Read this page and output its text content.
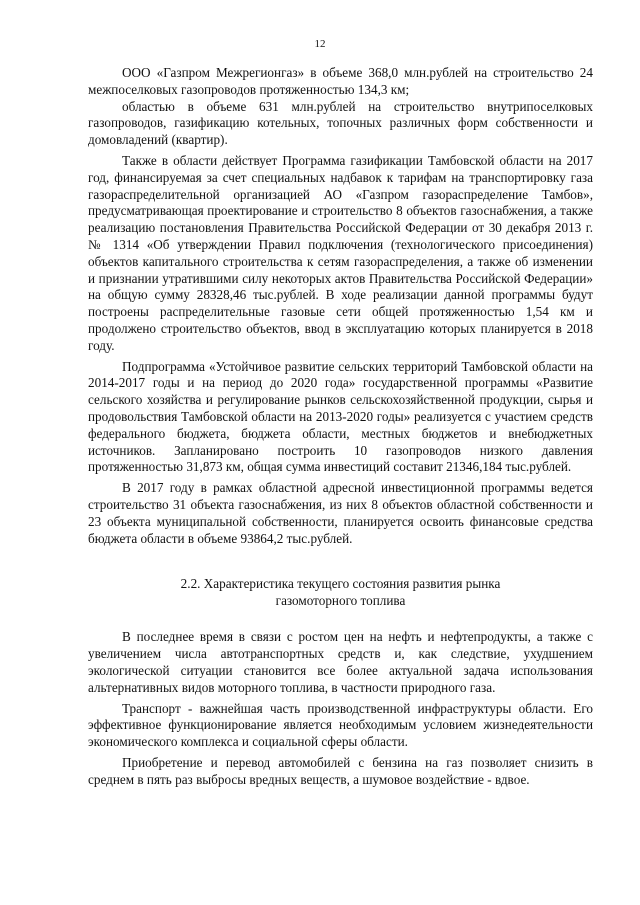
12

ООО «Газпром Межрегионгаз» в объеме 368,0 млн.рублей на строительство 24 межпоселковых газопроводов протяженностью 134,3 км;

областью в объеме 631 млн.рублей на строительство внутрипоселковых газопроводов, газификацию котельных, топочных различных форм собственности и домовладений (квартир).

Также в области действует Программа газификации Тамбовской области на 2017 год, финансируемая за счет специальных надбавок к тарифам на транспортировку газа газораспределительной организацией АО «Газпром газораспределение Тамбов», предусматривающая проектирование и строительство 8 объектов газоснабжения, а также реализацию постановления Правительства Российской Федерации от 30 декабря 2013 г. № 1314 «Об утверждении Правил подключения (технологического присоединения) объектов капитального строительства к сетям газораспределения, а также об изменении и признании утратившими силу некоторых актов Правительства Российской Федерации» на общую сумму 28328,46 тыс.рублей. В ходе реализации данной программы будут построены распределительные газовые сети общей протяженностью 1,54 км и продолжено строительство объектов, ввод в эксплуатацию которых планируется в 2018 году.

Подпрограмма «Устойчивое развитие сельских территорий Тамбовской области на 2014-2017 годы и на период до 2020 года» государственной программы «Развитие сельского хозяйства и регулирование рынков сельскохозяйственной продукции, сырья и продовольствия Тамбовской области на 2013-2020 годы» реализуется с участием средств федерального бюджета, бюджета области, местных бюджетов и внебюджетных источников. Запланировано построить 10 газопроводов низкого давления протяженностью 31,873 км, общая сумма инвестиций составит 21346,184 тыс.рублей.

В 2017 году в рамках областной адресной инвестиционной программы ведется строительство 31 объекта газоснабжения, из них 8 объектов областной собственности и 23 объекта муниципальной собственности, планируется освоить финансовые средства бюджета области в объеме 93864,2 тыс.рублей.

2.2. Характеристика текущего состояния развития рынка
газомоторного топлива

В последнее время в связи с ростом цен на нефть и нефтепродукты, а также с увеличением числа автотранспортных средств и, как следствие, ухудшением экологической ситуации становится все более актуальной задача использования альтернативных видов моторного топлива, в частности природного газа.

Транспорт - важнейшая часть производственной инфраструктуры области. Его эффективное функционирование является необходимым условием жизнедеятельности экономического комплекса и социальной сферы области.

Приобретение и перевод автомобилей с бензина на газ позволяет снизить в среднем в пять раз выбросы вредных веществ, а шумовое воздействие - вдвое.
